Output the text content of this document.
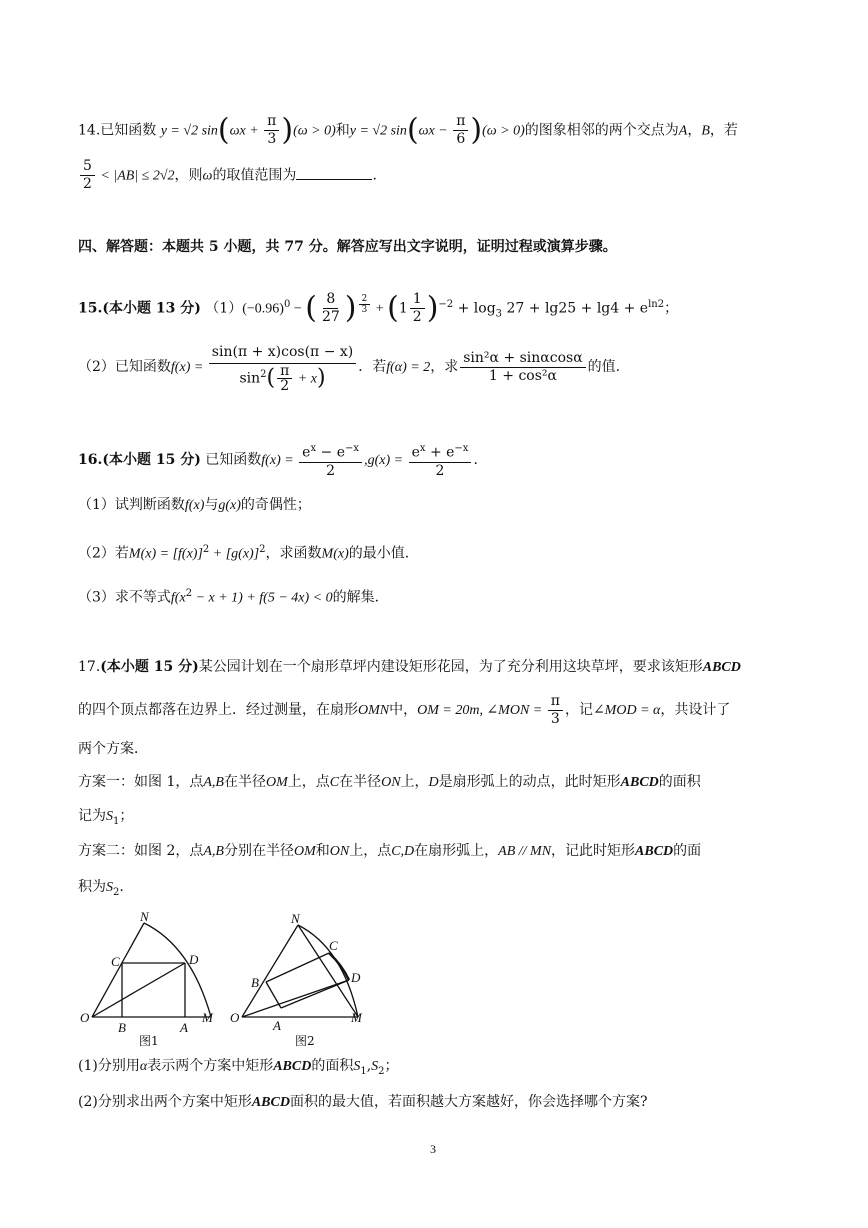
14.已知函数 y = √2 $\sin(\omega x + \frac{\pi}{3} )(\omega > 0)$和y = √2 $\sin(\omega x - \frac{\pi}{6} )(\omega > 0)$的图象相邻的两个交点为A，B，若
$\frac{5}{2} < |AB| \le 2√2$，则ω的取值范围为	.
四、解答题：本题共 5 小题，共 77 分。解答应写出文字说明，证明过程或演算步骤。
15.(本小题 13 分) $(1)(-0.96)^0$ − ( $\frac{8}{27}$ ) $^{\frac{2}{3}} + (1 \frac{1}{2} )^{-2} + \log_3 27 + \lg 25 + \lg 4 + e^{ln2}$；
（2）已知函数$f(x) = \frac{\sin(\pi + x)\cos(\pi - x)}{\sin^2( \frac{\pi}{2} + x)}$ ．若f(α) = 2，求 $\frac{\text{sin²α + sinαcosα}}{\text{1 + cos²α}}$ 的值.
16.(本小题 15 分) 已知函数$f(x) = \frac{e^x - e^{-x}}{2} ,g(x) = \frac{e^x + e^{-x}}{2}$ .
（1）试判断函数f(x)与g(x)的奇偶性；
（2）若$M(x) = [f(x)]^2 + [g(x)]^2$，求函数M(x)的最小值.
（3）求不等式$f(x^2 - x + 1) + f(5 - 4x) < 0$的解集.
17.(本小题 15 分)某公园计划在一个扇形草坪内建设矩形花园，为了充分利用这块草坪，要求该矩形ABCD
的四个顶点都落在边界上．经过测量，在扇形OMN中，OM = 20m, ∠MON = $\frac{\pi}{3}$ ，记∠MOD = α，共设计了
两个方案．
方案一：如图 1，点A,B在半径OM上，点C在半径ON上，D是扇形弧上的动点，此时矩形ABCD的面积
记为$S_1$；
方案二：如图 2，点A,B分别在半径OM和ON上，点C,D在扇形弧上，AB // MN，记此时矩形ABCD的面
积为$S_2$.
N
C	D
O
B	A
M
图1
N
C
D
B
O
A
M
图2
(1)分别用α表示两个方案中矩形ABCD的面积$S_1,S_2$；
(2)分别求出两个方案中矩形ABCD面积的最大值，若面积越大方案越好，你会选择哪个方案?
3
